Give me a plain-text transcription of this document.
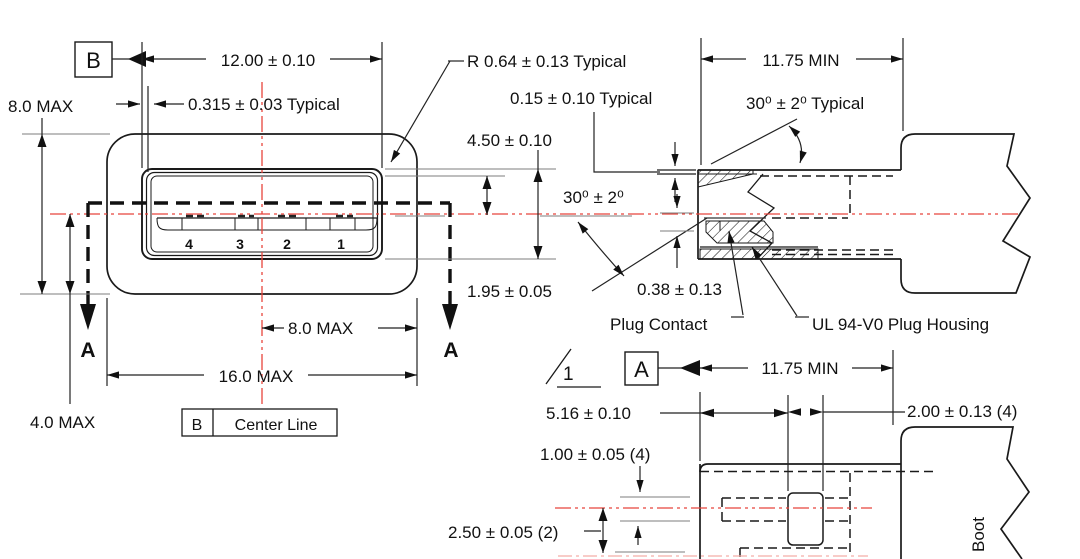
4	3	2	1
Boot
A	A
B	12.00 ± 0.10
0.315 ± 0.03 Typical
8.0 MAX
4.0 MAX
8.0 MAX
16.0 MAX
B Center Line
R 0.64 ± 0.13 Typical
4.50 ± 0.10
1.95 ± 0.05
11.75 MIN
30⁰ ± 2⁰ Typical
0.15 ± 0.10 Typical
30⁰ ± 2⁰
0.38 ± 0.13
Plug Contact	UL 94-V0 Plug Housing
1	A	11.75 MIN
5.16 ± 0.10	2.00 ± 0.13 (4)
1.00 ± 0.05 (4)
2.50 ± 0.05 (2)
